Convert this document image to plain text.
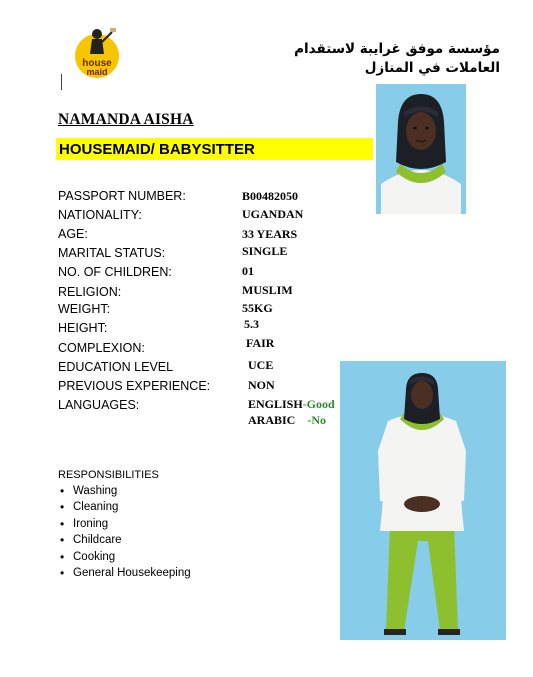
house
maid
مؤسسة موفق غرايبة لاستقدام العاملات في المنازل
NAMANDA AISHA
HOUSEMAID/ BABYSITTER
PASSPORT NUMBER:
NATIONALITY:
AGE:
MARITAL STATUS:
NO. OF CHILDREN:
RELIGION:
WEIGHT:
HEIGHT:
COMPLEXION:
EDUCATION LEVEL
PREVIOUS EXPERIENCE:
LANGUAGES:
B00482050
UGANDAN
33 YEARS
SINGLE
01
MUSLIM
55KG
5.3
FAIR
UCE
NON
ENGLISH-Good
ARABIC -No
RESPONSIBILITIES
• Washing
• Cleaning
• Ironing
• Childcare
• Cooking
• General Housekeeping
